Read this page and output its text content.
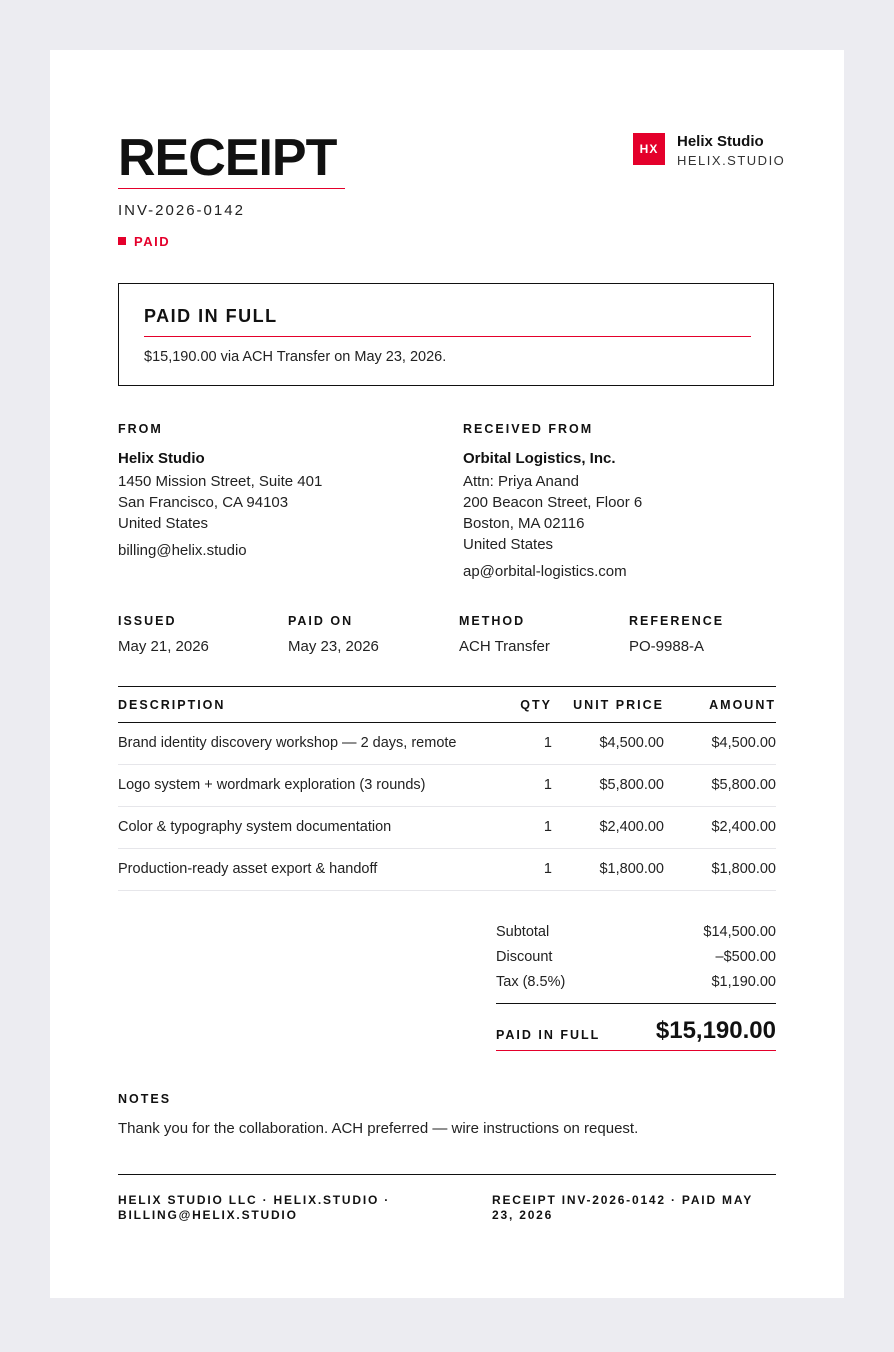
RECEIPT
INV-2026-0142
PAID
HX	Helix Studio
HELIX.STUDIO
PAID IN FULL
$15,190.00 via ACH Transfer on May 23, 2026.
FROM
Helix Studio
1450 Mission Street, Suite 401
San Francisco, CA 94103
United States
billing@helix.studio
RECEIVED FROM
Orbital Logistics, Inc.
Attn: Priya Anand
200 Beacon Street, Floor 6
Boston, MA 02116
United States
ap@orbital-logistics.com
ISSUED
May 21, 2026
PAID ON
May 23, 2026
METHOD
ACH Transfer
REFERENCE
PO-9988-A
DESCRIPTION	QTY UNIT PRICE	AMOUNT
Brand identity discovery workshop — 2 days, remote	1	$4,500.00	$4,500.00
Logo system + wordmark exploration (3 rounds)	1	$5,800.00	$5,800.00
Color & typography system documentation	1	$2,400.00	$2,400.00
Production-ready asset export & handoff	1	$1,800.00	$1,800.00
Subtotal	$14,500.00
Discount	–$500.00
Tax (8.5%)	$1,190.00
PAID IN FULL $15,190.00
NOTES
Thank you for the collaboration. ACH preferred — wire instructions on request.
HELIX STUDIO LLC · HELIX.STUDIO · BILLING@HELIX.STUDIO
RECEIPT INV-2026-0142 · PAID MAY 23, 2026
